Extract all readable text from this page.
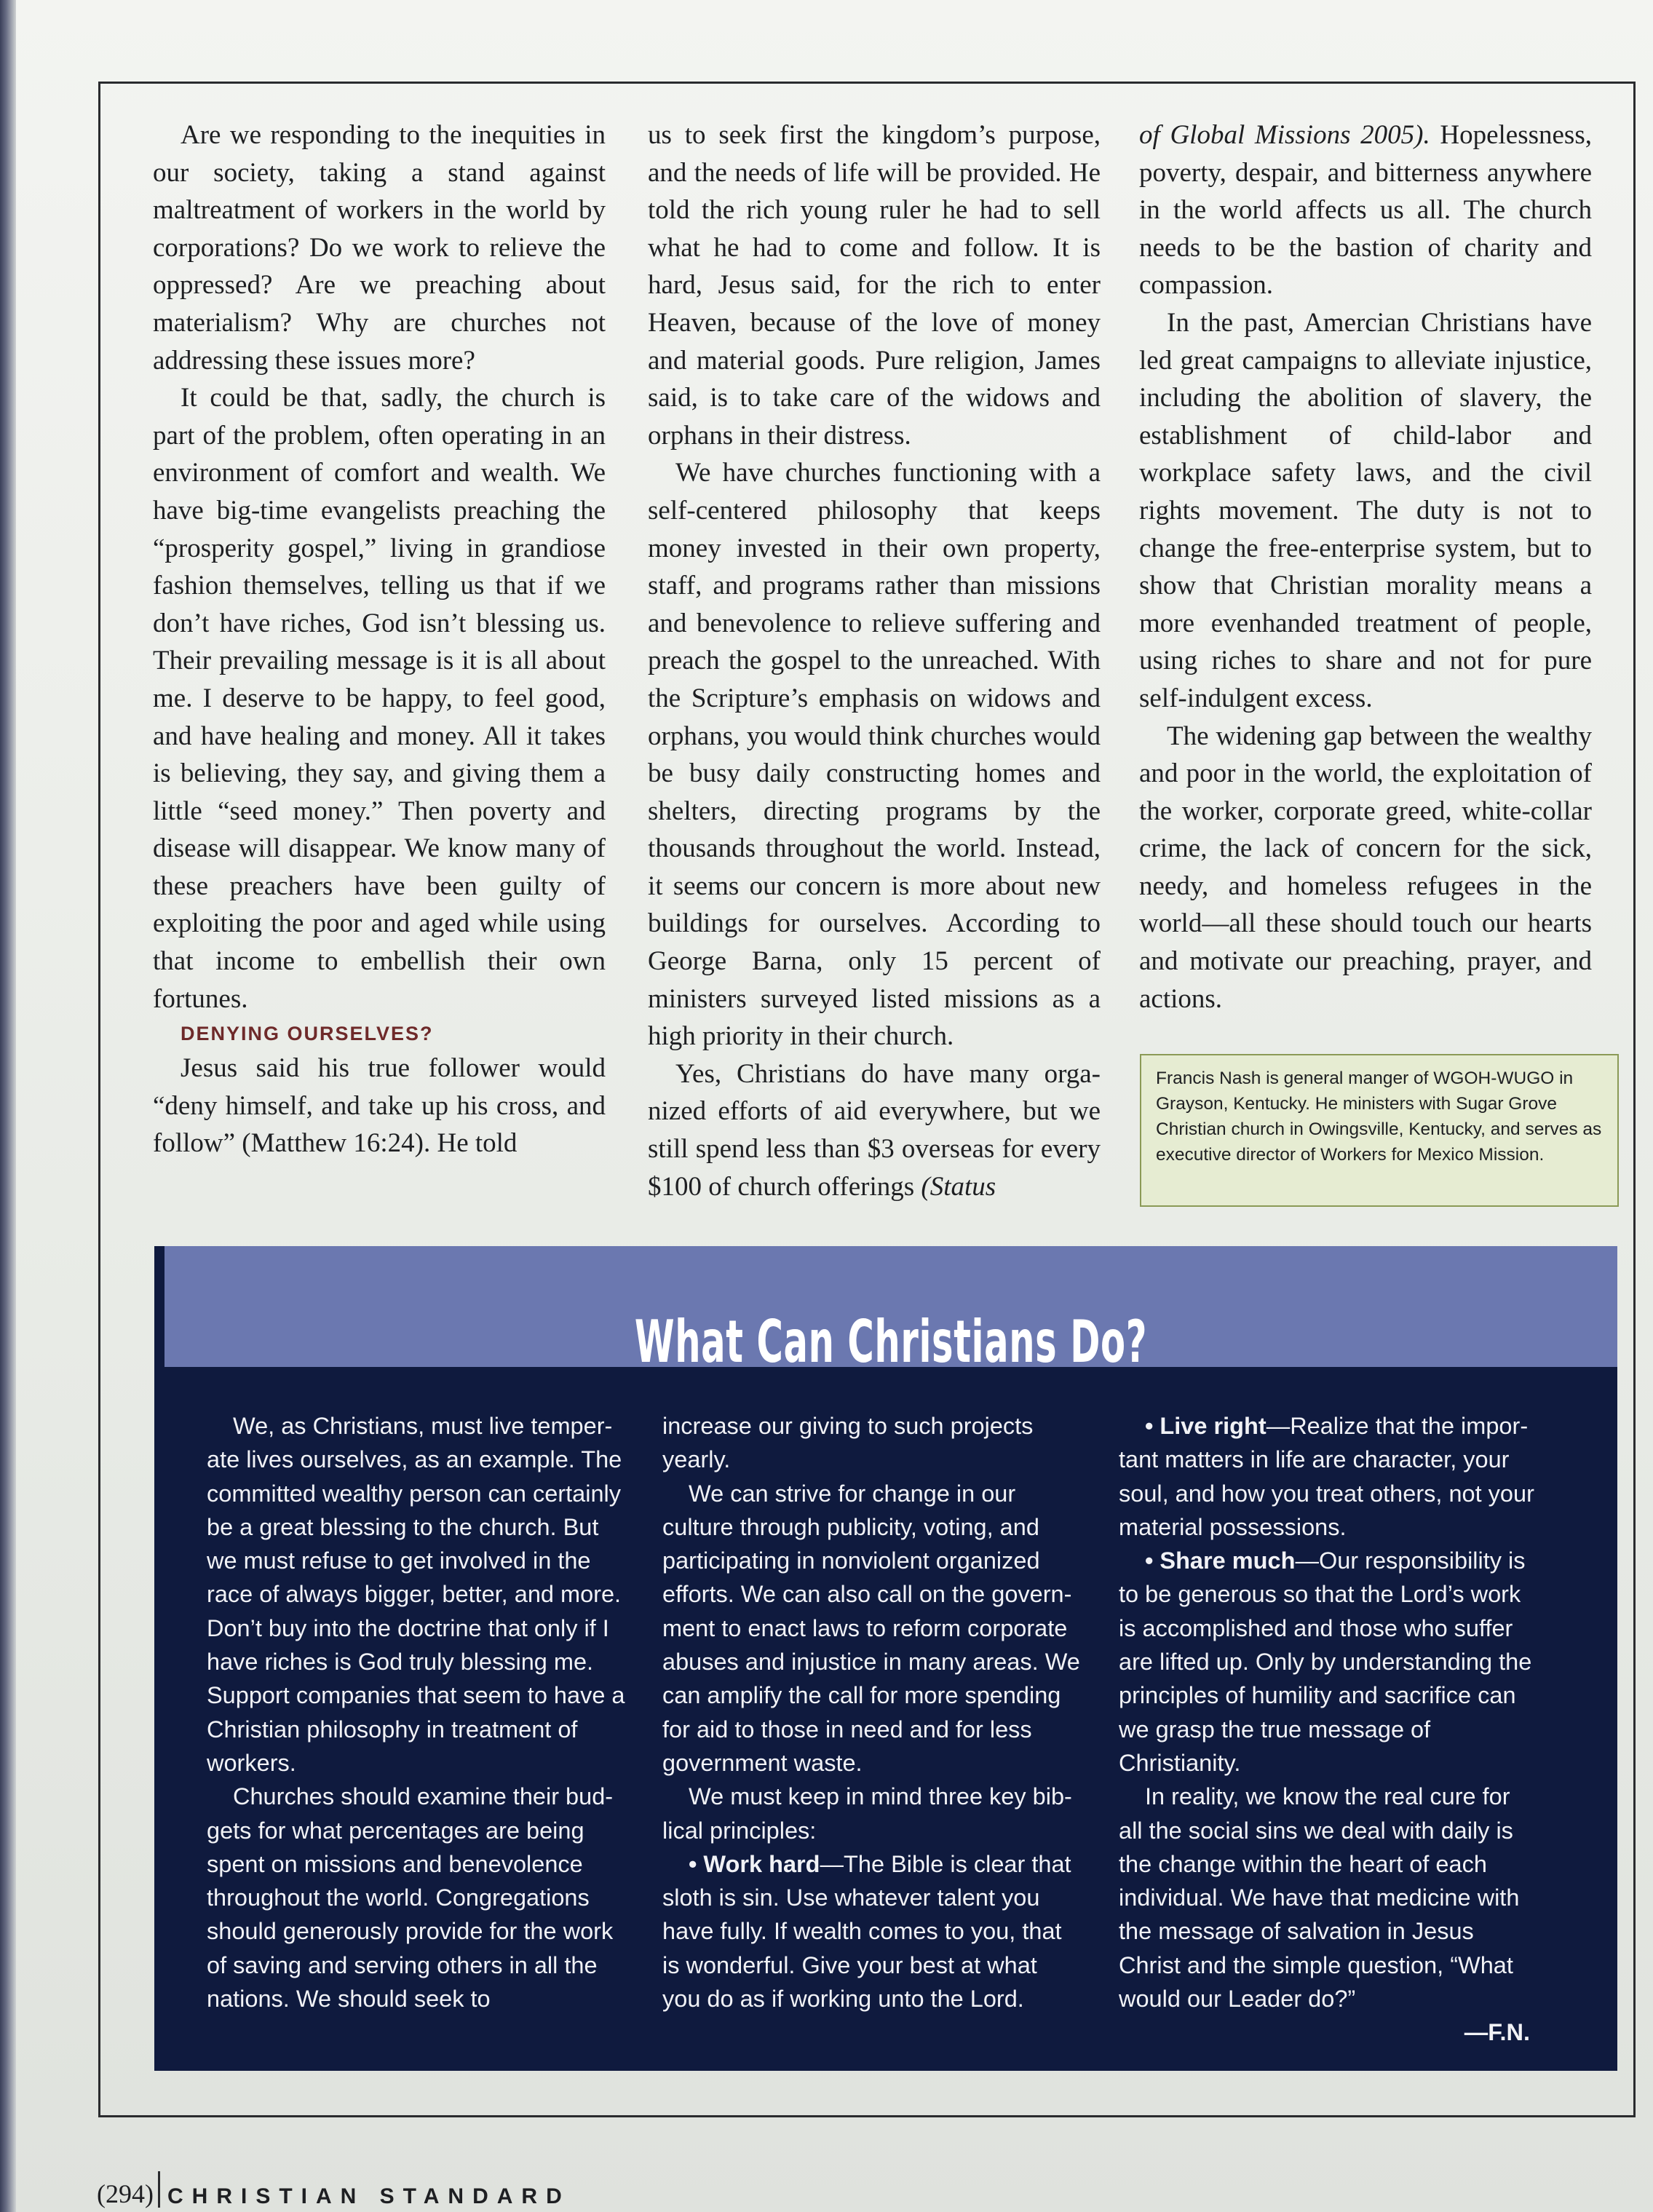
Are we responding to the inequities in our society, taking a stand against maltreatment of workers in the world by corporations? Do we work to relieve the oppressed? Are we preaching about materialism? Why are churches not addressing these issues more?

It could be that, sadly, the church is part of the problem, often operating in an environment of comfort and wealth. We have big-time evangelists preaching the “prosperity gospel,” living in grandiose fashion themselves, telling us that if we don’t have riches, God isn’t blessing us. Their prevailing message is it is all about me. I deserve to be happy, to feel good, and have healing and money. All it takes is believing, they say, and giving them a little “seed money.” Then poverty and disease will disappear. We know many of these preachers have been guilty of exploiting the poor and aged while using that income to embellish their own fortunes.

DENYING OURSELVES?

Jesus said his true follower would “deny himself, and take up his cross, and follow” (Matthew 16:24). He told

us to seek first the kingdom’s purpose, and the needs of life will be provided. He told the rich young ruler he had to sell what he had to come and follow. It is hard, Jesus said, for the rich to enter Heaven, because of the love of money and material goods. Pure religion, James said, is to take care of the widows and orphans in their distress.

We have churches functioning with a self-centered philosophy that keeps money invested in their own property, staff, and programs rather than missions and benevolence to relieve suffering and preach the gospel to the unreached. With the Scripture’s emphasis on widows and orphans, you would think churches would be busy daily constructing homes and shelters, directing programs by the thousands throughout the world. Instead, it seems our concern is more about new buildings for ourselves. According to George Barna, only 15 percent of ministers surveyed listed missions as a high priority in their church.

Yes, Christians do have many organized efforts of aid everywhere, but we still spend less than $3 overseas for every $100 of church offerings (Status

of Global Missions 2005). Hopelessness, poverty, despair, and bitterness anywhere in the world affects us all. The church needs to be the bastion of charity and compassion.

In the past, Amercian Christians have led great campaigns to alleviate injustice, including the abolition of slavery, the establishment of child-labor and workplace safety laws, and the civil rights movement. The duty is not to change the free-enterprise system, but to show that Christian morality means a more evenhanded treatment of people, using riches to share and not for pure self-indulgent excess.

The widening gap between the wealthy and poor in the world, the exploitation of the worker, corporate greed, white-collar crime, the lack of concern for the sick, needy, and homeless refugees in the world—all these should touch our hearts and motivate our preaching, prayer, and actions.

Francis Nash is general manger of WGOH-WUGO in Grayson, Kentucky. He ministers with Sugar Grove Christian church in Owingsville, Kentucky, and serves as executive director of Workers for Mexico Mission.
What Can Christians Do?

We, as Christians, must live temperate lives ourselves, as an example. The committed wealthy person can certainly be a great blessing to the church. But we must refuse to get involved in the race of always bigger, better, and more. Don’t buy into the doctrine that only if I have riches is God truly blessing me. Support companies that seem to have a Christian philosophy in treatment of workers.

Churches should examine their budgets for what percentages are being spent on missions and benevolence throughout the world. Congregations should generously provide for the work of saving and serving others in all the nations. We should seek to

increase our giving to such projects yearly.

We can strive for change in our culture through publicity, voting, and participating in nonviolent organized efforts. We can also call on the government to enact laws to reform corporate abuses and injustice in many areas. We can amplify the call for more spending for aid to those in need and for less government waste.

We must keep in mind three key biblical principles:

• Work hard—The Bible is clear that sloth is sin. Use whatever talent you have fully. If wealth comes to you, that is wonderful. Give your best at what you do as if working unto the Lord.

• Live right—Realize that the important matters in life are character, your soul, and how you treat others, not your material possessions.

• Share much—Our responsibility is to be generous so that the Lord’s work is accomplished and those who suffer are lifted up. Only by understanding the principles of humility and sacrifice can we grasp the true message of Christianity.

In reality, we know the real cure for all the social sins we deal with daily is the change within the heart of each individual. We have that medicine with the message of salvation in Jesus Christ and the simple question, “What would our Leader do?”

—F.N.

(294) CHRISTIAN STANDARD
